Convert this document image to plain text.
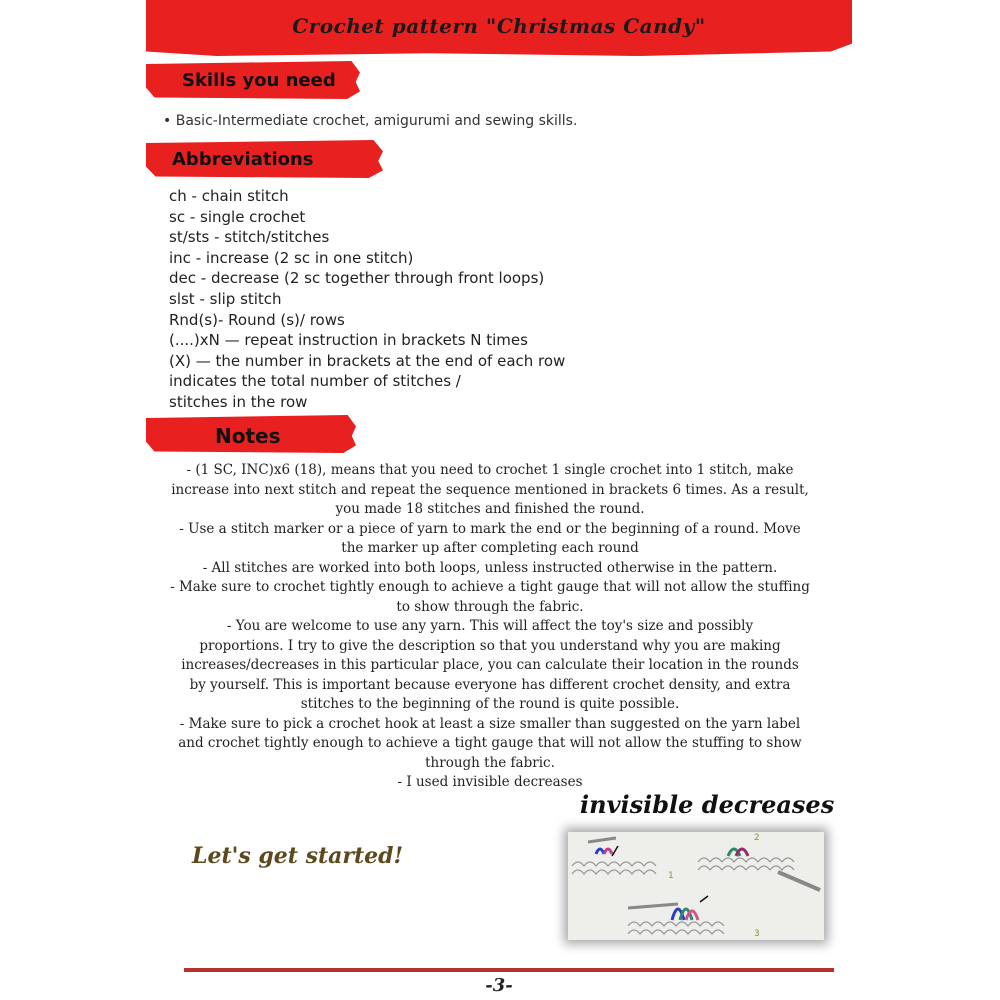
Crochet pattern "Christmas Candy"
Skills you need
• Basic-Intermediate crochet, amigurumi and sewing skills.
Abbreviations
ch - chain stitch
sc - single crochet
st/sts - stitch/stitches
inc - increase (2 sc in one stitch)
dec - decrease (2 sc together through front loops)
slst - slip stitch
Rnd(s)- Round (s)/ rows
(....)xN — repeat instruction in brackets N times
(X) — the number in brackets at the end of each row
indicates the total number of stitches /
stitches in the row
Notes

- (1 SC, INC)x6 (18), means that you need to crochet 1 single crochet into 1 stitch, make

increase into next stitch and repeat the sequence mentioned in brackets 6 times. As a result,

you made 18 stitches and finished the round.

- Use a stitch marker or a piece of yarn to mark the end or the beginning of a round. Move

the marker up after completing each round

- All stitches are worked into both loops, unless instructed otherwise in the pattern.

- Make sure to crochet tightly enough to achieve a tight gauge that will not allow the stuffing

to show through the fabric.

- You are welcome to use any yarn. This will affect the toy's size and possibly

proportions. I try to give the description so that you understand why you are making

increases/decreases in this particular place, you can calculate their location in the rounds

by yourself. This is important because everyone has different crochet density, and extra

stitches to the beginning of the round is quite possible.

- Make sure to pick a crochet hook at least a size smaller than suggested on the yarn label

and crochet tightly enough to achieve a tight gauge that will not allow the stuffing to show

through the fabric.

- I used invisible decreases

invisible decreases
Let's get started!
1
2
3
-3-
